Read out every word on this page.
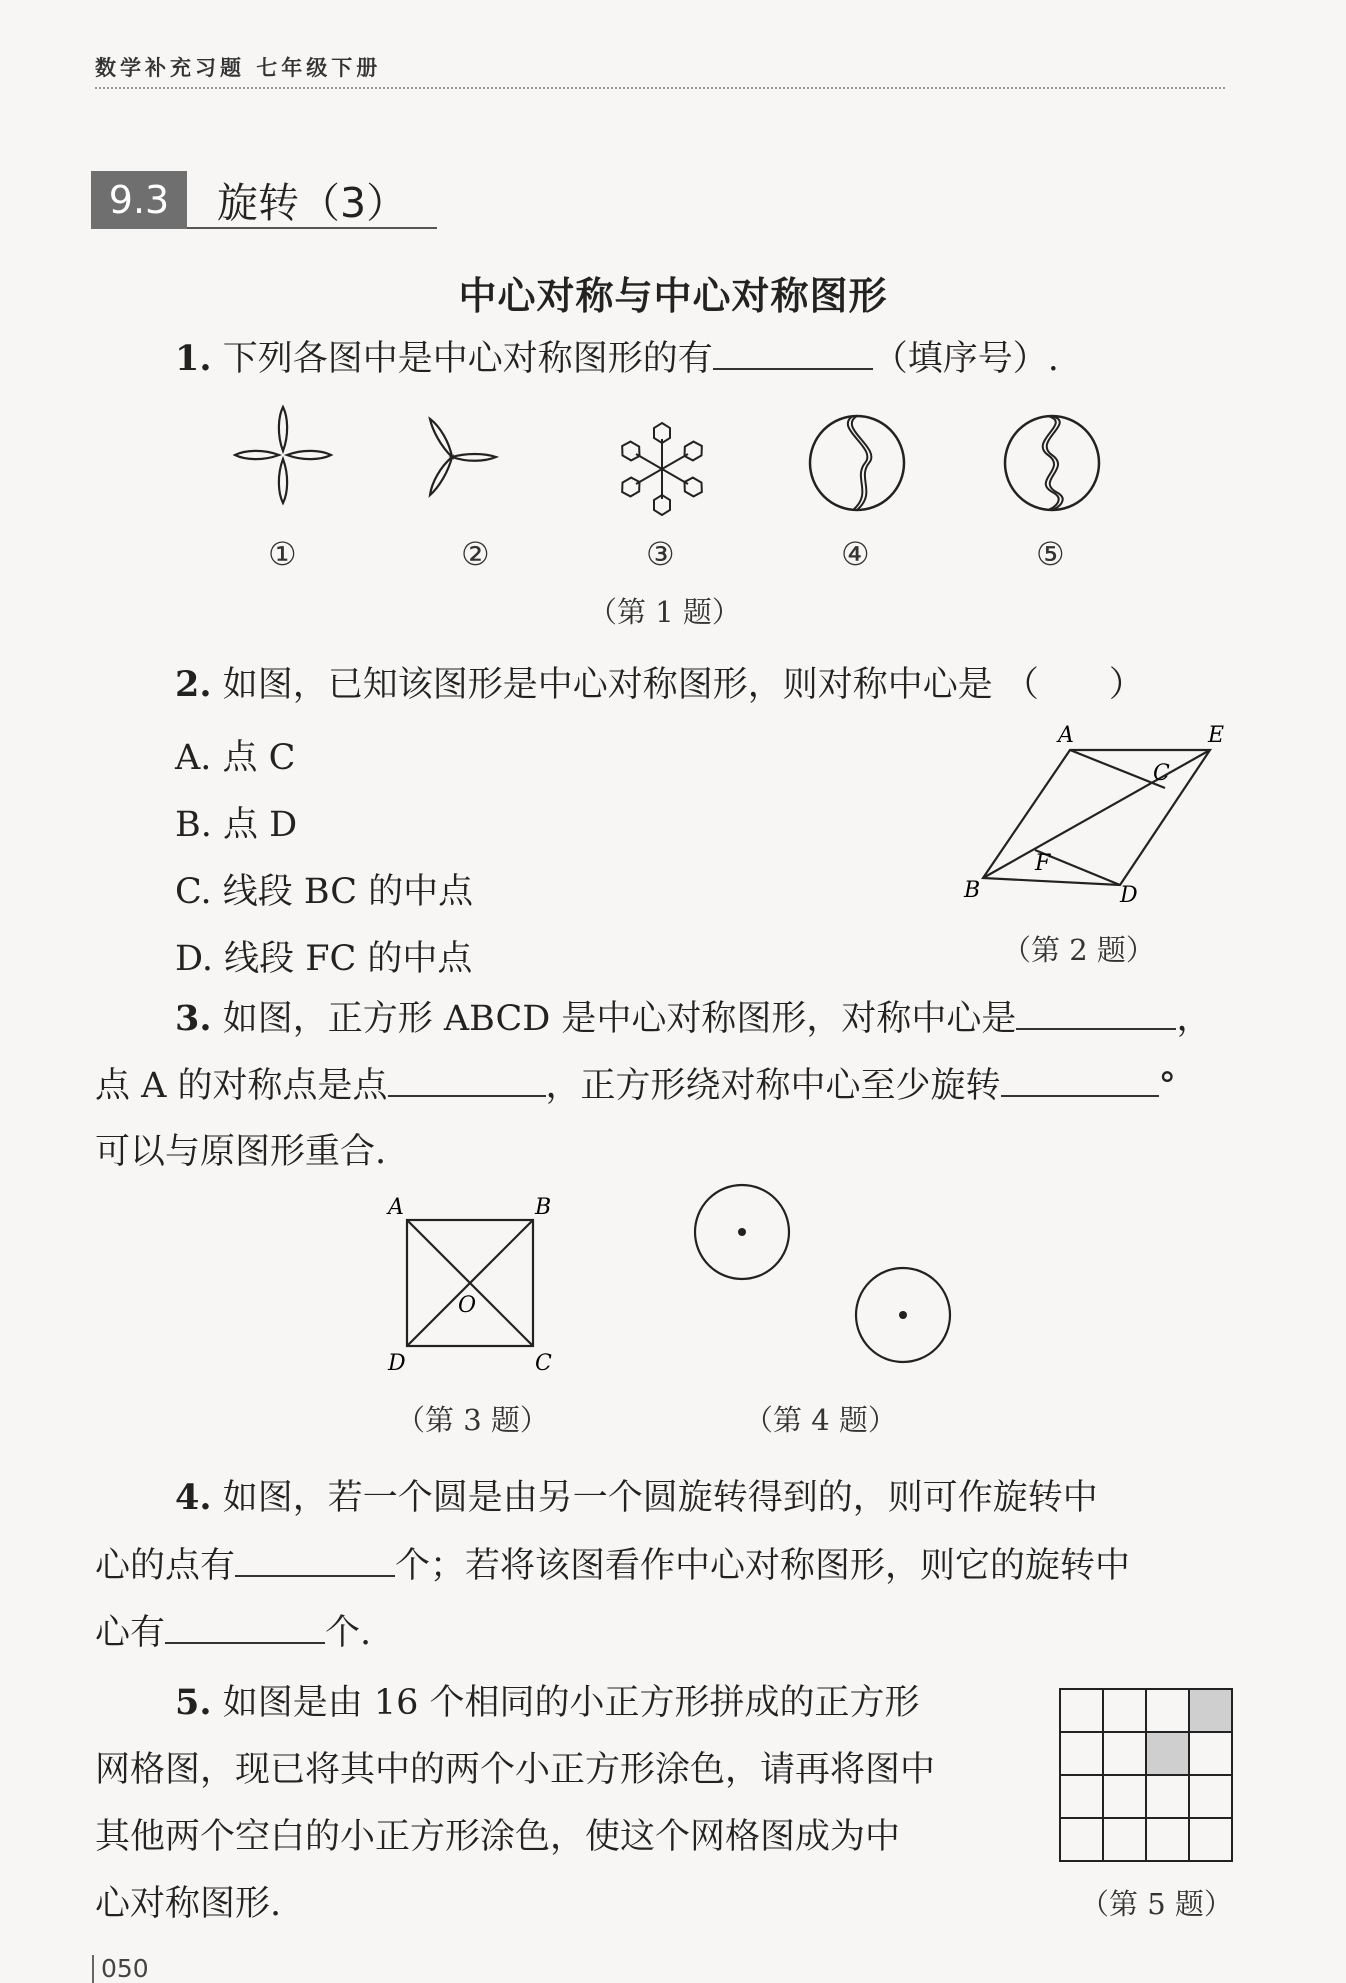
数学补充习题 七年级下册
9.3	旋转（3）
中心对称与中心对称图形
1. 下列各图中是中心对称图形的有	（填序号）.
①	②	③	④	⑤
（第 1 题）
2. 如图，已知该图形是中心对称图形，则对称中心是 （　　）
A. 点 C
B. 点 D
C. 线段 BC 的中点
D. 线段 FC 的中点
A	E
C
F
B	D
（第 2 题）
3. 如图，正方形 ABCD 是中心对称图形，对称中心是	，
点 A 的对称点是点	，正方形绕对称中心至少旋转	°
可以与原图形重合.
A	B
C
D
O
（第 3 题）	（第 4 题）
4. 如图，若一个圆是由另一个圆旋转得到的，则可作旋转中
心的点有	个；若将该图看作中心对称图形，则它的旋转中
心有	个.
5. 如图是由 16 个相同的小正方形拼成的正方形
网格图，现已将其中的两个小正方形涂色，请再将图中
其他两个空白的小正方形涂色，使这个网格图成为中
心对称图形.	（第 5 题）
050
